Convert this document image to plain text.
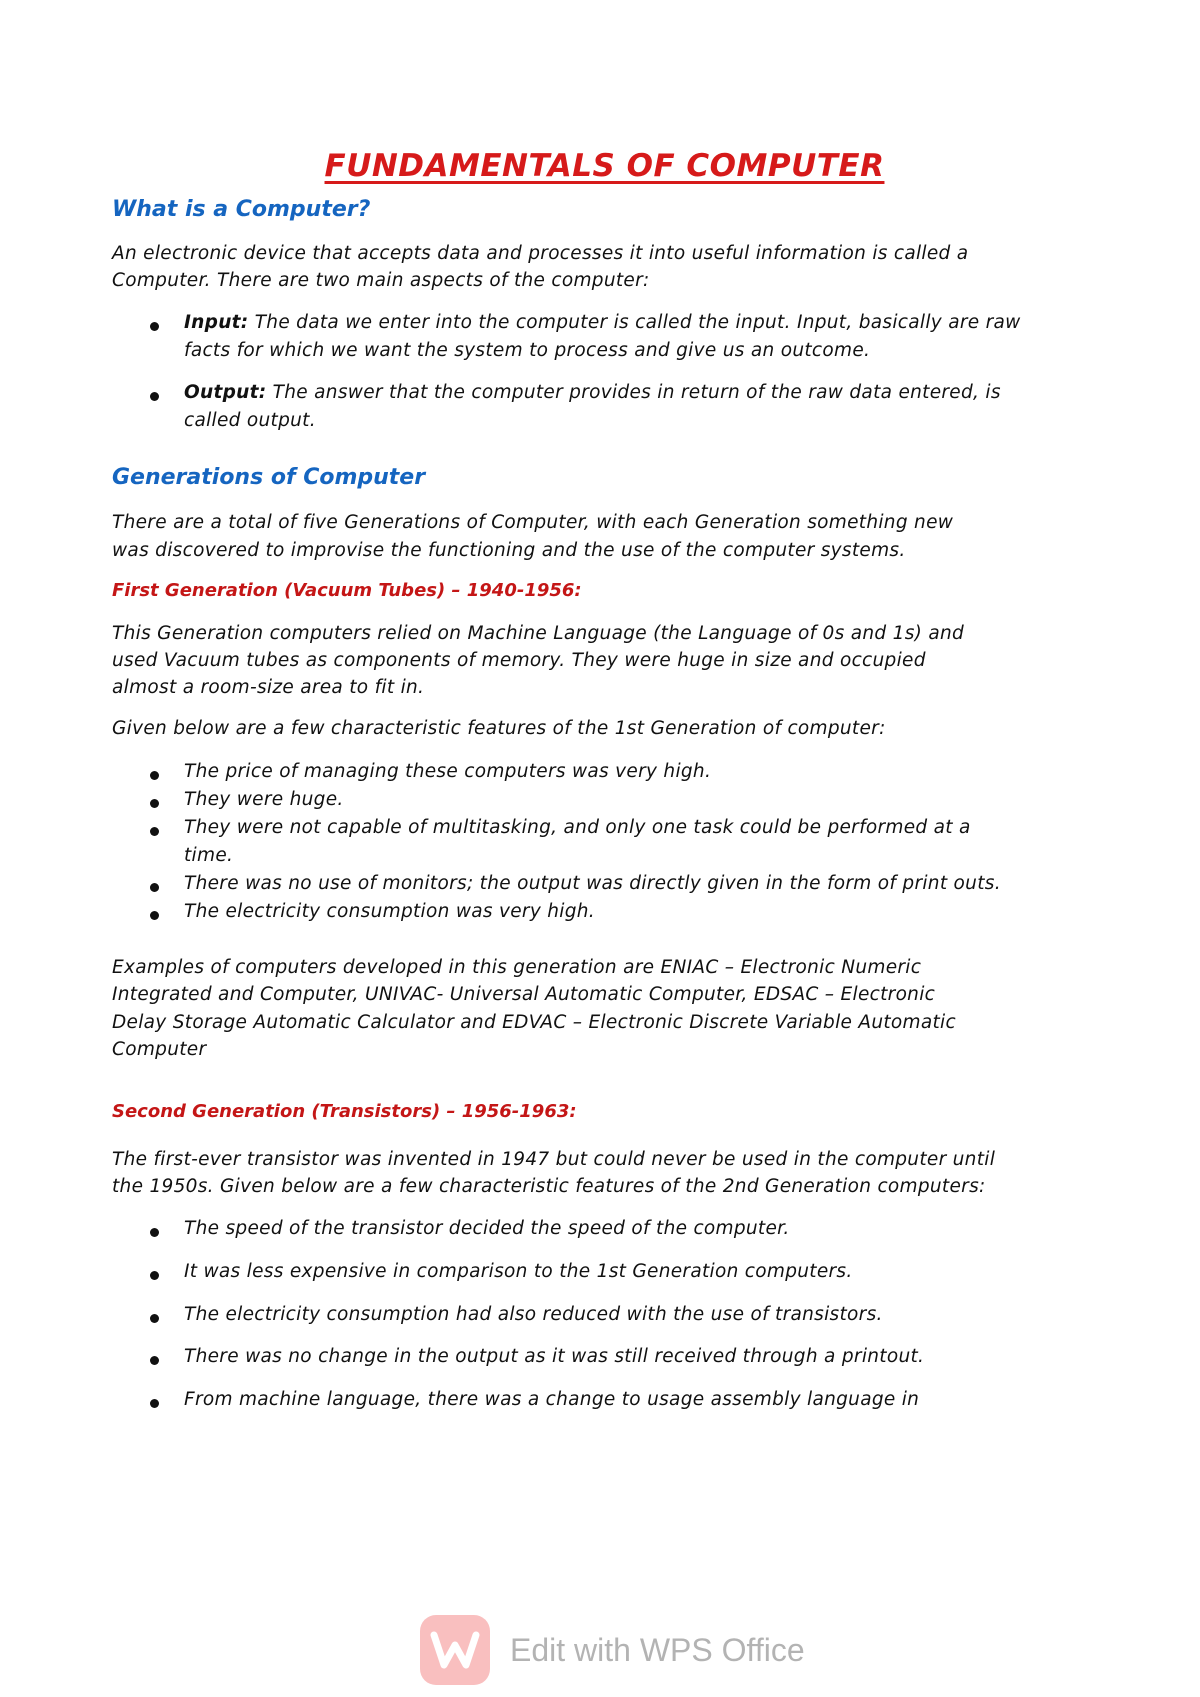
FUNDAMENTALS OF COMPUTER
What is a Computer?

An electronic device that accepts data and processes it into useful information is called a

Computer. There are two main aspects of the computer:

Input: The data we enter into the computer is called the input. Input, basically are raw

facts for which we want the system to process and give us an outcome.

Output: The answer that the computer provides in return of the raw data entered, is

called output.

Generations of Computer

There are a total of five Generations of Computer, with each Generation something new

was discovered to improvise the functioning and the use of the computer systems.

First Generation (Vacuum Tubes) – 1940-1956:

This Generation computers relied on Machine Language (the Language of 0s and 1s) and

used Vacuum tubes as components of memory. They were huge in size and occupied

almost a room-size area to fit in.

Given below are a few characteristic features of the 1st Generation of computer:

The price of managing these computers was very high.

They were huge.

They were not capable of multitasking, and only one task could be performed at a

time.

There was no use of monitors; the output was directly given in the form of print outs.

The electricity consumption was very high.

Examples of computers developed in this generation are ENIAC – Electronic Numeric

Integrated and Computer, UNIVAC- Universal Automatic Computer, EDSAC – Electronic

Delay Storage Automatic Calculator and EDVAC – Electronic Discrete Variable Automatic

Computer

Second Generation (Transistors) – 1956-1963:

The first-ever transistor was invented in 1947 but could never be used in the computer until

the 1950s. Given below are a few characteristic features of the 2nd Generation computers:

The speed of the transistor decided the speed of the computer.

It was less expensive in comparison to the 1st Generation computers.

The electricity consumption had also reduced with the use of transistors.

There was no change in the output as it was still received through a printout.

From machine language, there was a change to usage assembly language in

Edit with WPS Office
